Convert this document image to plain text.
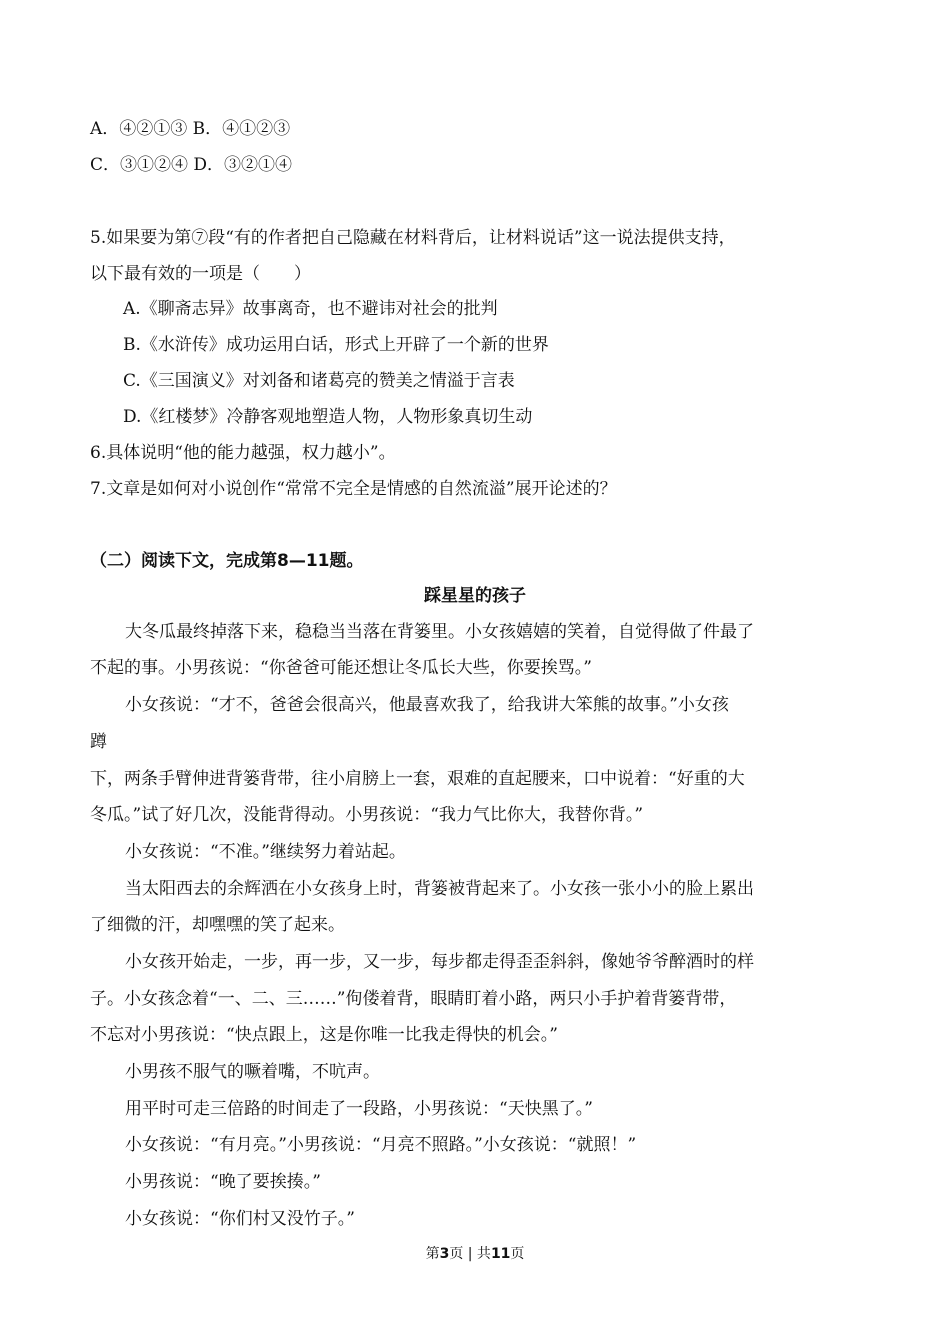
A．④②①③ B．④①②③
C．③①②④ D．③②①④
5.如果要为第⑦段“有的作者把自己隐藏在材料背后，让材料说话”这一说法提供支持，
以下最有效的一项是（　　）
A.《聊斋志异》故事离奇，也不避讳对社会的批判
B.《水浒传》成功运用白话，形式上开辟了一个新的世界
C.《三国演义》对刘备和诸葛亮的赞美之情溢于言表
D.《红楼梦》冷静客观地塑造人物，人物形象真切生动
6.具体说明“他的能力越强，权力越小”。
7.文章是如何对小说创作“常常不完全是情感的自然流溢”展开论述的？
（二）阅读下文，完成第8—11题。
踩星星的孩子
大冬瓜最终掉落下来，稳稳当当落在背篓里。小女孩嬉嬉的笑着，自觉得做了件最了
不起的事。小男孩说：“你爸爸可能还想让冬瓜长大些，你要挨骂。”
小女孩说：“才不，爸爸会很高兴，他最喜欢我了，给我讲大笨熊的故事。”小女孩
蹲
下，两条手臂伸进背篓背带，往小肩膀上一套，艰难的直起腰来，口中说着：“好重的大
冬瓜。”试了好几次，没能背得动。小男孩说：“我力气比你大，我替你背。”
小女孩说：“不准。”继续努力着站起。
当太阳西去的余辉洒在小女孩身上时，背篓被背起来了。小女孩一张小小的脸上累出
了细微的汗，却嘿嘿的笑了起来。
小女孩开始走，一步，再一步，又一步，每步都走得歪歪斜斜，像她爷爷醉酒时的样
子。小女孩念着“一、二、三……”佝偻着背，眼睛盯着小路，两只小手护着背篓背带，
不忘对小男孩说：“快点跟上，这是你唯一比我走得快的机会。”
小男孩不服气的噘着嘴，不吭声。
用平时可走三倍路的时间走了一段路，小男孩说：“天快黑了。”
小女孩说：“有月亮。”小男孩说：“月亮不照路。”小女孩说：“就照！”
小男孩说：“晚了要挨揍。”
小女孩说：“你们村又没竹子。”
第3页 | 共11页
